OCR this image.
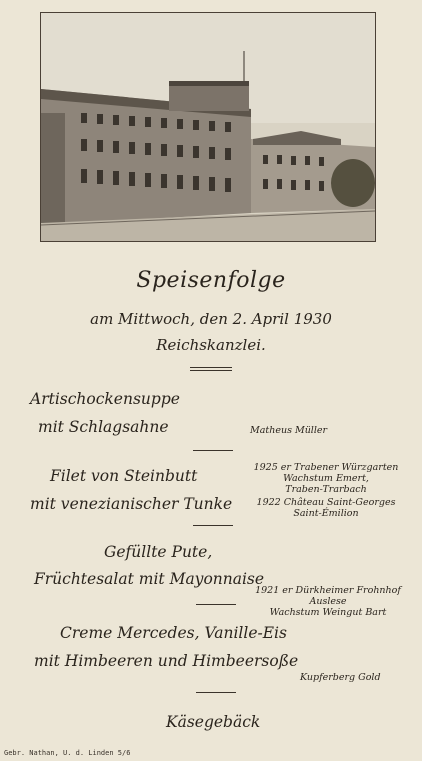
Speisenfolge
am Mittwoch, den 2. April 1930
Reichskanzlei.
Artischockensuppe
mit Schlagsahne	Matheus Müller
Filet von Steinbutt
mit venezianischer Tunke
1925 er Trabener Würzgarten
Wachstum Emert,
Traben-Trarbach
1922 Château Saint-Georges
Saint-Émilion
Gefüllte Pute,
Früchtesalat mit Mayonnaise
1921 er Dürkheimer Frohnhof
Auslese
Wachstum Weingut Bart
Creme Mercedes, Vanille-Eis
mit Himbeeren und Himbeersoße
Kupferberg Gold
Käsegebäck
Gebr. Nathan, U. d. Linden 5/6
